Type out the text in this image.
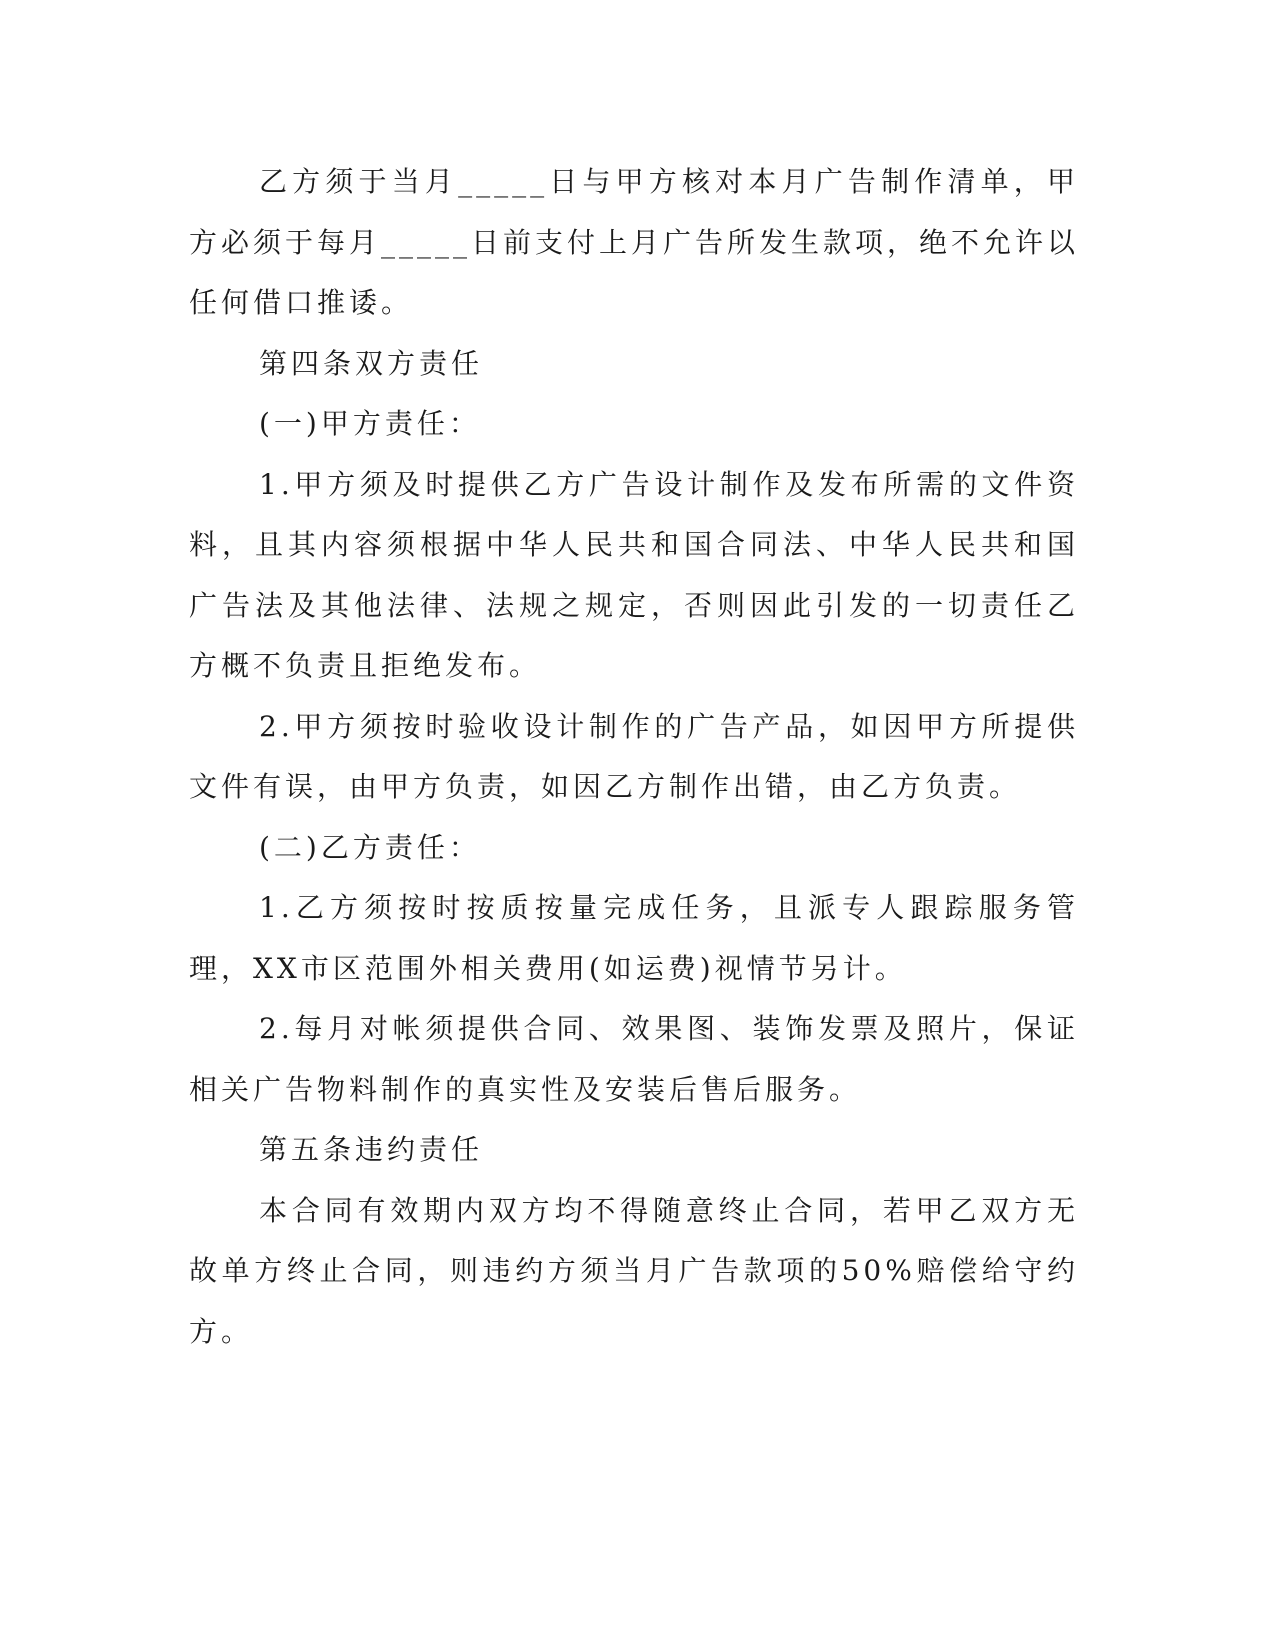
乙方须于当月_____日与甲方核对本月广告制作清单，甲方必须于每月_____日前支付上月广告所发生款项，绝不允许以任何借口推诿。

第四条双方责任

(一)甲方责任：

1.甲方须及时提供乙方广告设计制作及发布所需的文件资料，且其内容须根据中华人民共和国合同法、中华人民共和国广告法及其他法律、法规之规定，否则因此引发的一切责任乙方概不负责且拒绝发布。

2.甲方须按时验收设计制作的广告产品，如因甲方所提供文件有误，由甲方负责，如因乙方制作出错，由乙方负责。

(二)乙方责任：

1.乙方须按时按质按量完成任务，且派专人跟踪服务管理，XX市区范围外相关费用(如运费)视情节另计。

2.每月对帐须提供合同、效果图、装饰发票及照片，保证相关广告物料制作的真实性及安装后售后服务。

第五条违约责任

本合同有效期内双方均不得随意终止合同，若甲乙双方无故单方终止合同，则违约方须当月广告款项的50%赔偿给守约方。
